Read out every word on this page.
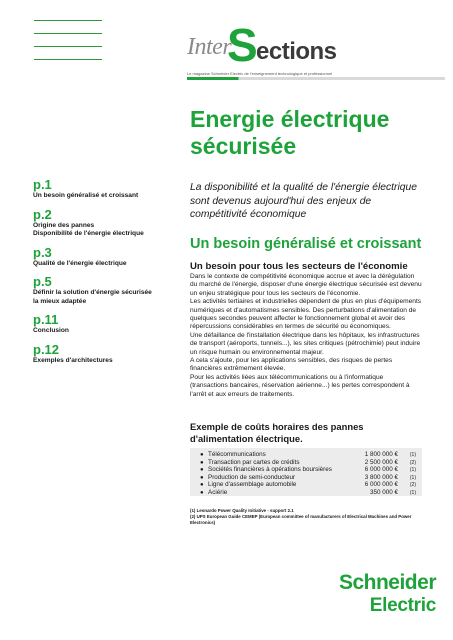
Inter
S
ections
Le magazine Schneider Electric de l'enseignement technologique et professionnel
Energie électrique
sécurisée
p.1
Un besoin généralisé et croissant
p.2
Origine des pannes
Disponibilité de l'énergie électrique
p.3
Qualité de l'énergie électrique
p.5
Définir la solution d'énergie sécurisée
la mieux adaptée
p.11
Conclusion
p.12
Exemples d'architectures
La disponibilité et la qualité de l'énergie électrique sont devenus aujourd'hui des enjeux de compétitivité économique
Un besoin généralisé et croissant
Un besoin pour tous les secteurs de l'économie

Dans le contexte de compétitivité économique accrue et avec la dérégulation du marché de l'énergie, disposer d'une énergie électrique sécurisée est devenu un enjeu stratégique pour tous les secteurs de l'économie.

Les activités tertiaires et industrielles dépendent de plus en plus d'équipements numériques et d'automatismes sensibles. Des perturbations d'alimentation de quelques secondes peuvent affecter le fonctionnement global et avoir des répercussions considérables en termes de sécurité ou économiques.

Une défaillance de l'installation électrique dans les hôpitaux, les infrastructures de transport (aéroports, tunnels...), les sites critiques (pétrochimie) peut induire un risque humain ou environnemental majeur.

A cela s'ajoute, pour les applications sensibles, des risques de pertes financières extrêmement élevée.

Pour les activités liées aux télécommunications ou à l'informatique (transactions bancaires, réservation aérienne...) les pertes correspondent à l'arrêt et aux erreurs de traitements.

Exemple de coûts horaires des pannes d'alimentation électrique.
● Télécommunications	1 800 000 € (1)
● Transaction par cartes de crédits	2 500 000 € (2)
● Sociétés financières à opérations boursières	6 000 000 € (1)
● Production de semi-conducteur	3 800 000 € (1)
● Ligne d'assemblage automobile	6 000 000 € (2)
● Aciérie	350 000 € (1)
(1) Leonardo Power Quality Initiative - support 2.1
(2) UPS European Guide CEMEP (European committee of manufacturers of Electrical Machines and Power Electronics)
Schneider
Electric
